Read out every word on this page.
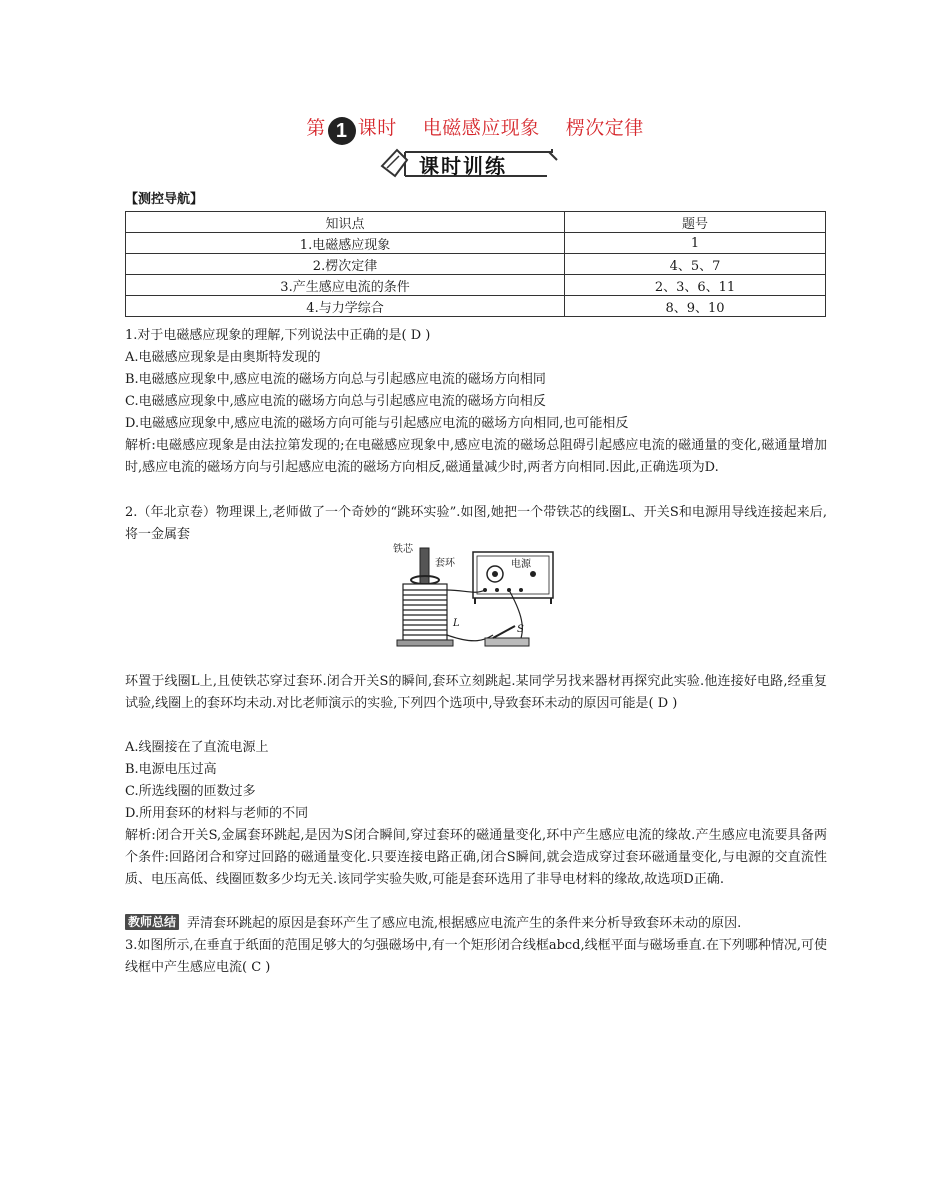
第 1 课时 电磁感应现象 楞次定律
课时训练
【测控导航】
知识点	题号
1.电磁感应现象	1
2.楞次定律	4、5、7
3.产生感应电流的条件	2、3、6、11
4.与力学综合	8、9、10
1.对于电磁感应现象的理解,下列说法中正确的是( D )
A.电磁感应现象是由奥斯特发现的
B.电磁感应现象中,感应电流的磁场方向总与引起感应电流的磁场方向相同
C.电磁感应现象中,感应电流的磁场方向总与引起感应电流的磁场方向相反
D.电磁感应现象中,感应电流的磁场方向可能与引起感应电流的磁场方向相同,也可能相反
解析:电磁感应现象是由法拉第发现的;在电磁感应现象中,感应电流的磁场总阻碍引起感应电流的磁通量的变化,磁通量增加时,感应电流的磁场方向与引起感应电流的磁场方向相反,磁通量减少时,两者方向相同.因此,正确选项为D.
2.（年北京卷）物理课上,老师做了一个奇妙的“跳环实验”.如图,她把一个带铁芯的线圈L、开关S和电源用导线连接起来后,将一金属套
铁芯
套环	电源
L
S
环置于线圈L上,且使铁芯穿过套环.闭合开关S的瞬间,套环立刻跳起.某同学另找来器材再探究此实验.他连接好电路,经重复试验,线圈上的套环均未动.对比老师演示的实验,下列四个选项中,导致套环未动的原因可能是( D )
A.线圈接在了直流电源上
B.电源电压过高
C.所选线圈的匝数过多
D.所用套环的材料与老师的不同
解析:闭合开关S,金属套环跳起,是因为S闭合瞬间,穿过套环的磁通量变化,环中产生感应电流的缘故.产生感应电流要具备两个条件:回路闭合和穿过回路的磁通量变化.只要连接电路正确,闭合S瞬间,就会造成穿过套环磁通量变化,与电源的交直流性质、电压高低、线圈匝数多少均无关.该同学实验失败,可能是套环选用了非导电材料的缘故,故选项D正确.
教师总结 弄清套环跳起的原因是套环产生了感应电流,根据感应电流产生的条件来分析导致套环未动的原因.
3.如图所示,在垂直于纸面的范围足够大的匀强磁场中,有一个矩形闭合线框abcd,线框平面与磁场垂直.在下列哪种情况,可使线框中产生感应电流( C )
